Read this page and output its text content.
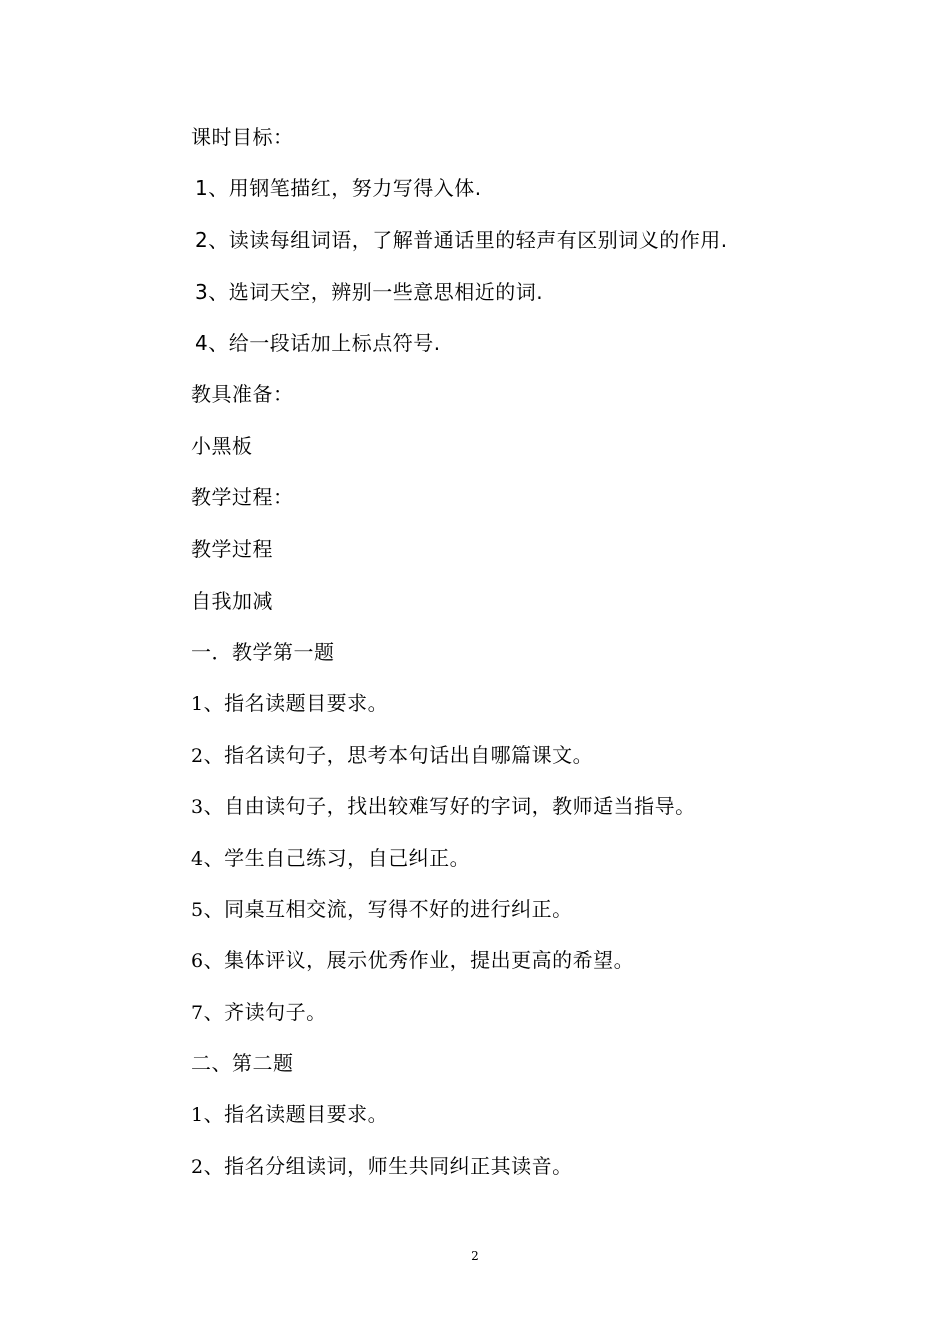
课时目标：
1、用钢笔描红，努力写得入体.
2、读读每组词语，了解普通话里的轻声有区别词义的作用.
3、选词天空，辨别一些意思相近的词.
4、给一段话加上标点符号.
教具准备：
小黑板
教学过程：
教学过程
自我加减
一．教学第一题
1、指名读题目要求。
2、指名读句子，思考本句话出自哪篇课文。
3、自由读句子，找出较难写好的字词，教师适当指导。
4、学生自己练习，自己纠正。
5、同桌互相交流，写得不好的进行纠正。
6、集体评议，展示优秀作业，提出更高的希望。
7、齐读句子。
二、第二题
1、指名读题目要求。
2、指名分组读词，师生共同纠正其读音。
2
